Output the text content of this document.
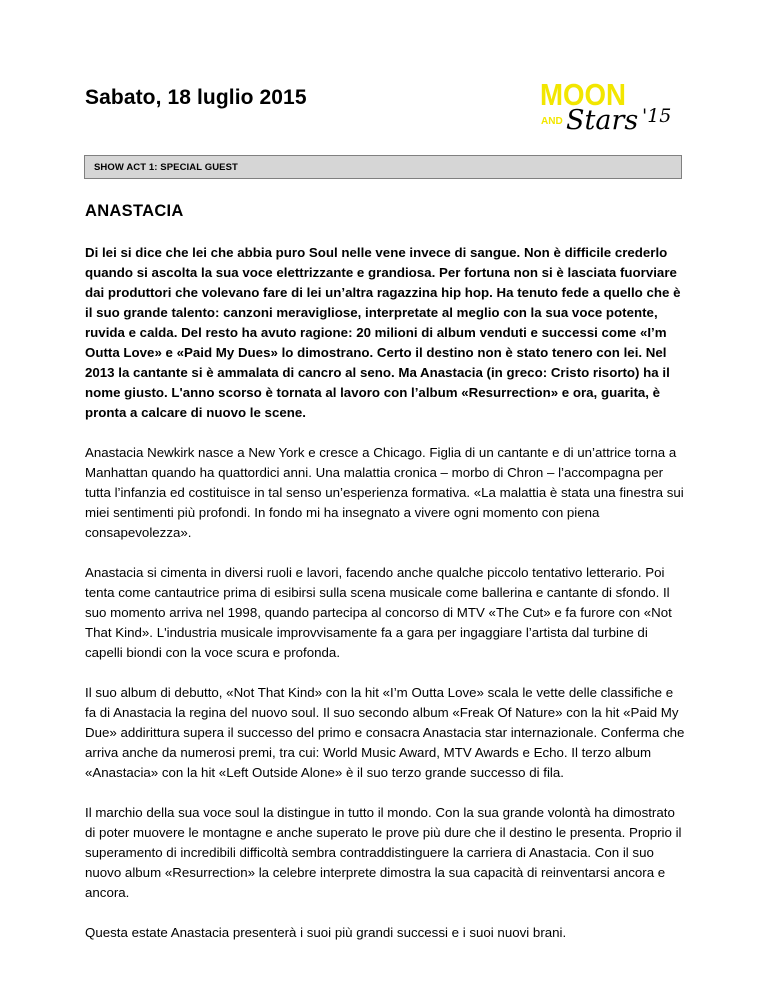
Sabato, 18 luglio 2015	MOON
AND Stars '15
SHOW ACT 1: SPECIAL GUEST
ANASTACIA

Di lei si dice che lei che abbia puro Soul nelle vene invece di sangue. Non è difficile crederlo quando si ascolta la sua voce elettrizzante e grandiosa. Per fortuna non si è lasciata fuorviare dai produttori che volevano fare di lei un’altra ragazzina hip hop. Ha tenuto fede a quello che è il suo grande talento: canzoni meravigliose, interpretate al meglio con la sua voce potente, ruvida e calda. Del resto ha avuto ragione: 20 milioni di album venduti e successi come «I’m Outta Love» e «Paid My Dues» lo dimostrano. Certo il destino non è stato tenero con lei. Nel 2013 la cantante si è ammalata di cancro al seno. Ma Anastacia (in greco: Cristo risorto) ha il nome giusto. L'anno scorso è tornata al lavoro con l’album «Resurrection» e ora, guarita, è pronta a calcare di nuovo le scene.

Anastacia Newkirk nasce a New York e cresce a Chicago. Figlia di un cantante e di un’attrice torna a Manhattan quando ha quattordici anni. Una malattia cronica – morbo di Chron – l’accompagna per tutta l’infanzia ed costituisce in tal senso un’esperienza formativa. «La malattia è stata una finestra sui miei sentimenti più profondi. In fondo mi ha insegnato a vivere ogni momento con piena consapevolezza».

Anastacia si cimenta in diversi ruoli e lavori, facendo anche qualche piccolo tentativo letterario. Poi tenta come cantautrice prima di esibirsi sulla scena musicale come ballerina e cantante di sfondo. Il suo momento arriva nel 1998, quando partecipa al concorso di MTV «The Cut» e fa furore con «Not That Kind». L'industria musicale improvvisamente fa a gara per ingaggiare l’artista dal turbine di capelli biondi con la voce scura e profonda.

Il suo album di debutto, «Not That Kind» con la hit «I’m Outta Love» scala le vette delle classifiche e fa di Anastacia la regina del nuovo soul. Il suo secondo album «Freak Of Nature» con la hit «Paid My Due» addirittura supera il successo del primo e consacra Anastacia star internazionale. Conferma che arriva anche da numerosi premi, tra cui: World Music Award, MTV Awards e Echo. Il terzo album «Anastacia» con la hit «Left Outside Alone» è il suo terzo grande successo di fila.

Il marchio della sua voce soul la distingue in tutto il mondo. Con la sua grande volontà ha dimostrato di poter muovere le montagne e anche superato le prove più dure che il destino le presenta. Proprio il superamento di incredibili difficoltà sembra contraddistinguere la carriera di Anastacia. Con il suo nuovo album «Resurrection» la celebre interprete dimostra la sua capacità di reinventarsi ancora e ancora.

Questa estate Anastacia presenterà i suoi più grandi successi e i suoi nuovi brani.
